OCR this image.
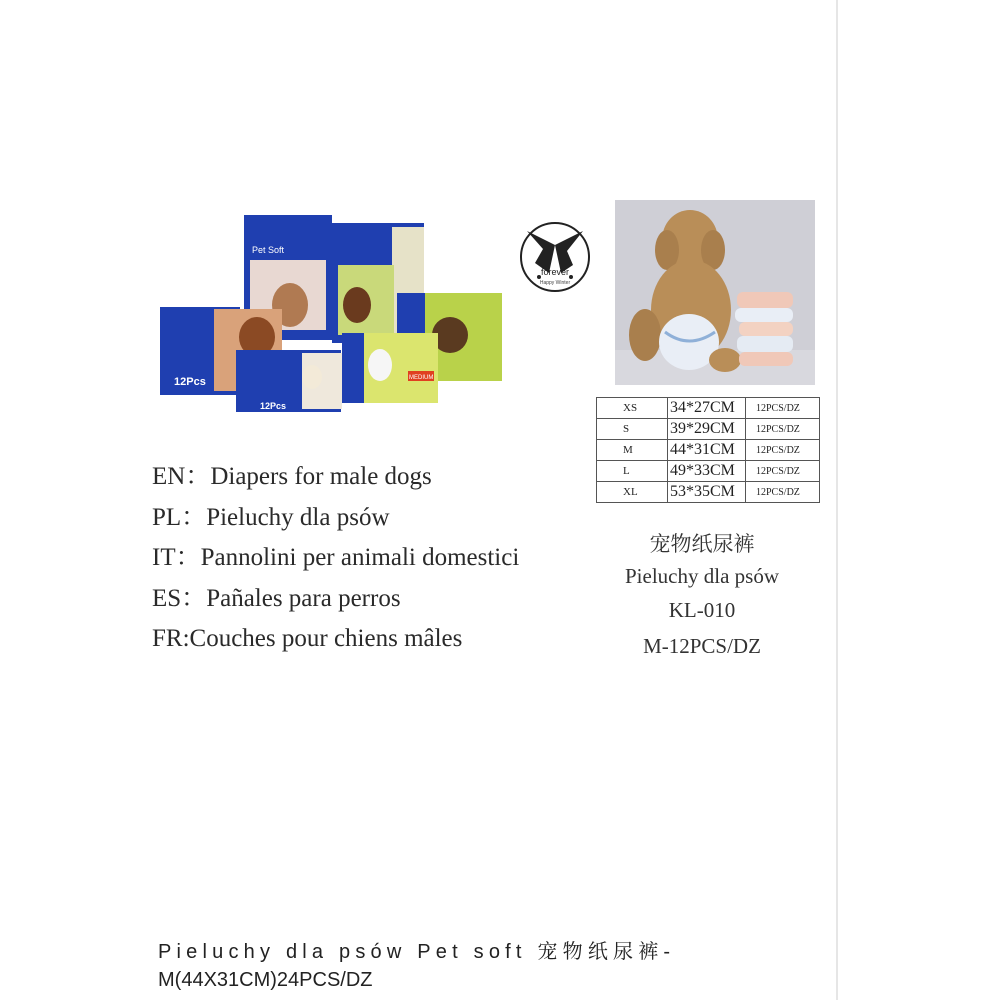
Pet Soft
12Pcs
12Pcs
MEDIUM
forever
Happy Winter
XS	34*27CM	12PCS/DZ
S	39*29CM	12PCS/DZ
M	44*31CM	12PCS/DZ
L	49*33CM	12PCS/DZ
XL	53*35CM	12PCS/DZ
宠物纸尿裤
Pieluchy dla psów
KL-010
M-12PCS/DZ
EN：Diapers for male dogs
PL：Pieluchy dla psów
IT：Pannolini per animali domestici
ES：Pañales para perros
FR:Couches pour chiens mâles
Pieluchy dla psów Pet soft 宠物纸尿裤-
M(44X31CM)24PCS/DZ
